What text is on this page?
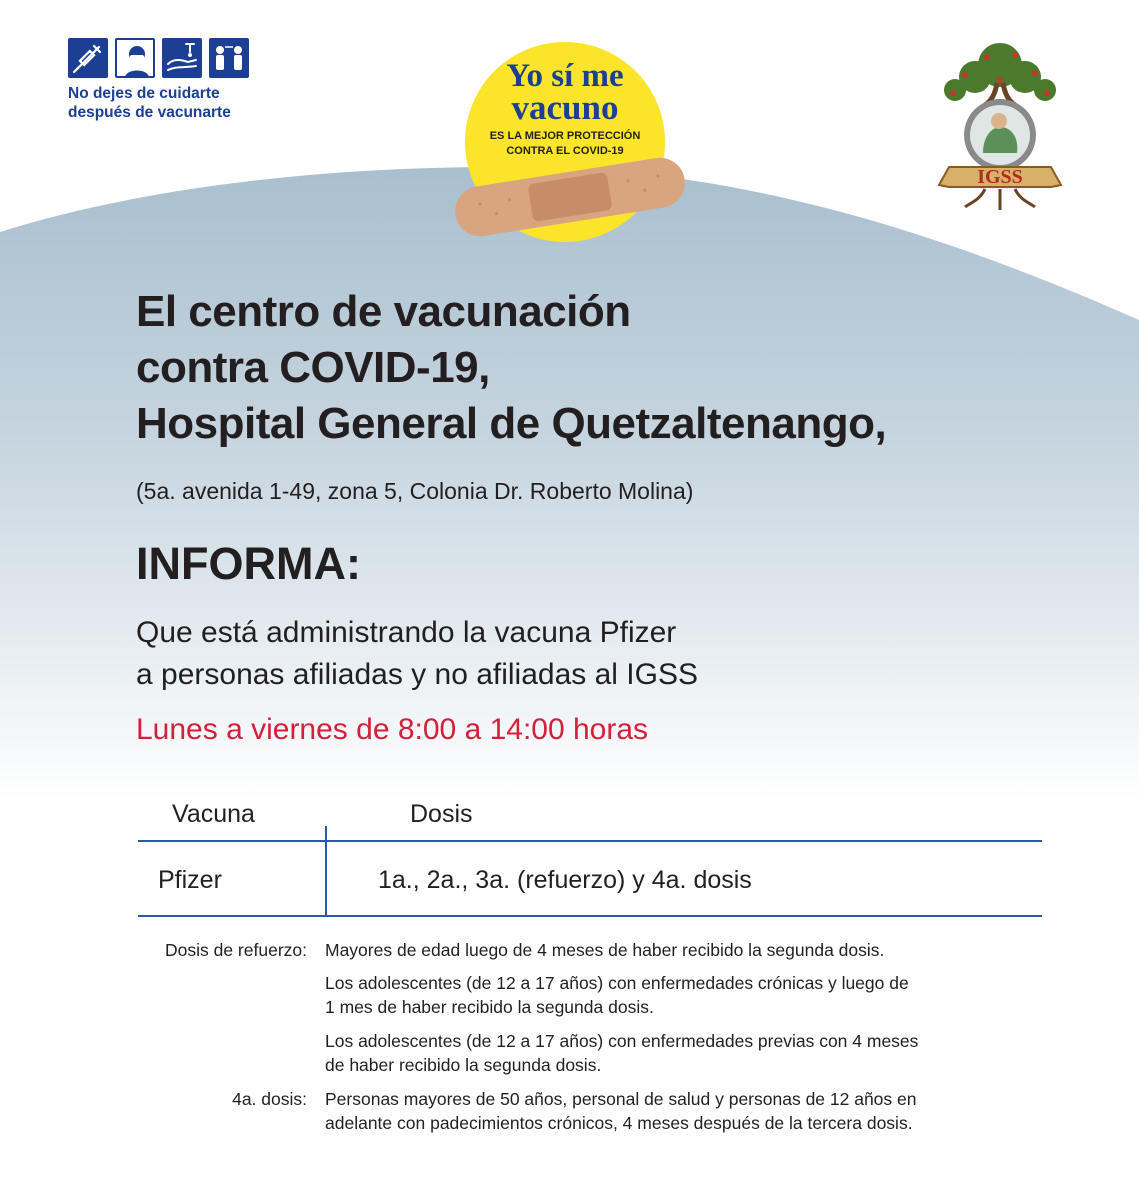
No dejes de cuidarte
después de vacunarte
Yo sí me
vacuno
ES LA MEJOR PROTECCIÓN
CONTRA EL COVID-19
IGSS
El centro de vacunación
contra COVID-19,
Hospital General de Quetzaltenango,
(5a. avenida 1-49, zona 5, Colonia Dr. Roberto Molina)
INFORMA:
Que está administrando la vacuna Pfizer
a personas afiliadas y no afiliadas al IGSS
Lunes a viernes de 8:00 a 14:00 horas
Vacuna	Dosis
Pfizer	1a., 2a., 3a. (refuerzo) y 4a. dosis
Dosis de refuerzo: Mayores de edad luego de 4 meses de haber recibido la segunda dosis.
Los adolescentes (de 12 a 17 años) con enfermedades crónicas y luego de
1 mes de haber recibido la segunda dosis.
Los adolescentes (de 12 a 17 años) con enfermedades previas con 4 meses
de haber recibido la segunda dosis.
4a. dosis: Personas mayores de 50 años, personal de salud y personas de 12 años en
adelante con padecimientos crónicos, 4 meses después de la tercera dosis.
